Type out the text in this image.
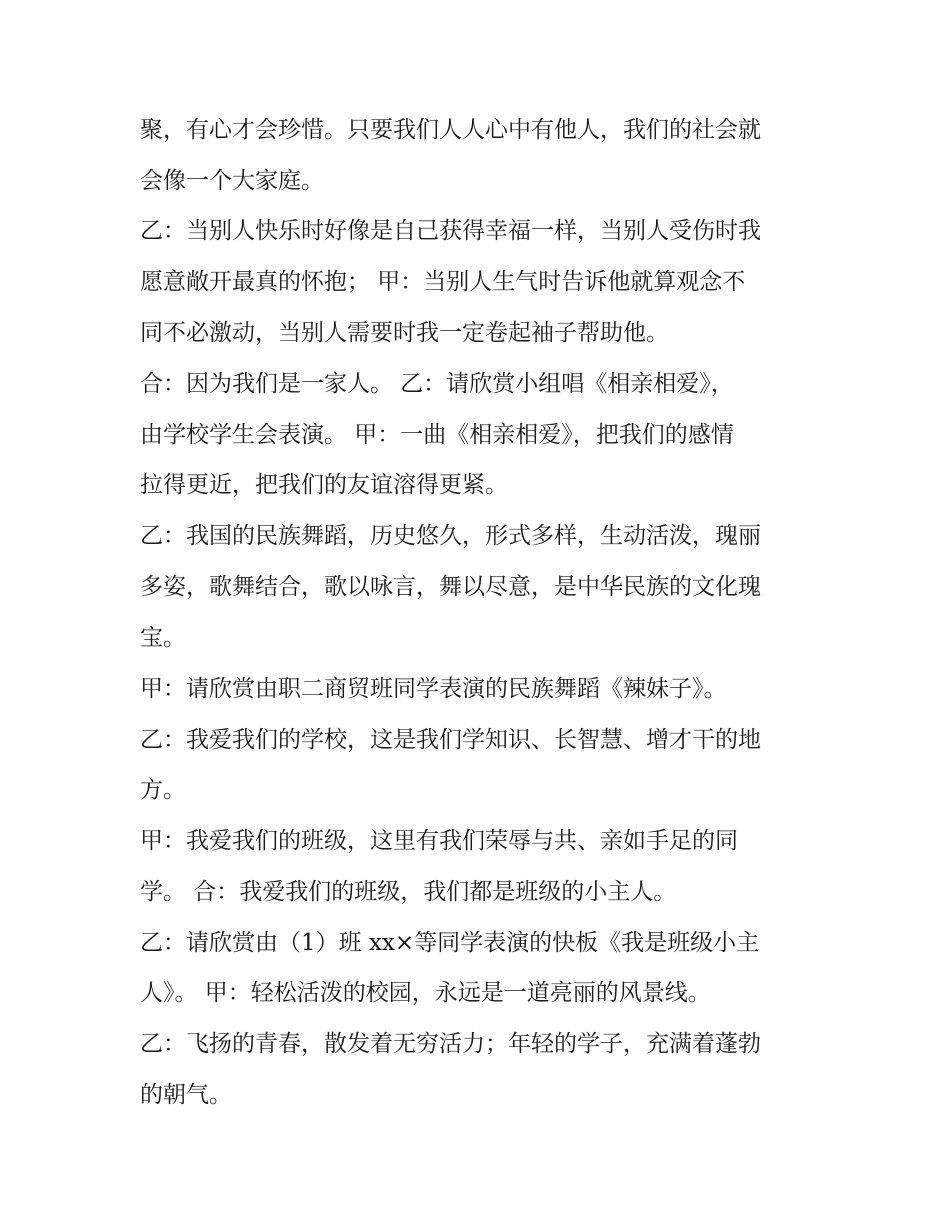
聚，有心才会珍惜。只要我们人人心中有他人，我们的社会就
会像一个大家庭。
乙：当别人快乐时好像是自己获得幸福一样，当别人受伤时我
愿意敞开最真的怀抱； 甲：当别人生气时告诉他就算观念不
同不必激动，当别人需要时我一定卷起袖子帮助他。
合：因为我们是一家人。 乙：请欣赏小组唱《相亲相爱》，
由学校学生会表演。 甲：一曲《相亲相爱》，把我们的感情
拉得更近，把我们的友谊溶得更紧。
乙：我国的民族舞蹈，历史悠久，形式多样，生动活泼，瑰丽
多姿，歌舞结合，歌以咏言，舞以尽意，是中华民族的文化瑰
宝。
甲：请欣赏由职二商贸班同学表演的民族舞蹈《辣妹子》。
乙：我爱我们的学校，这是我们学知识、长智慧、增才干的地
方。
甲：我爱我们的班级，这里有我们荣辱与共、亲如手足的同
学。 合：我爱我们的班级，我们都是班级的小主人。
乙：请欣赏由（1）班 xx×等同学表演的快板《我是班级小主
人》。 甲：轻松活泼的校园，永远是一道亮丽的风景线。
乙：飞扬的青春，散发着无穷活力；年轻的学子，充满着蓬勃
的朝气。
